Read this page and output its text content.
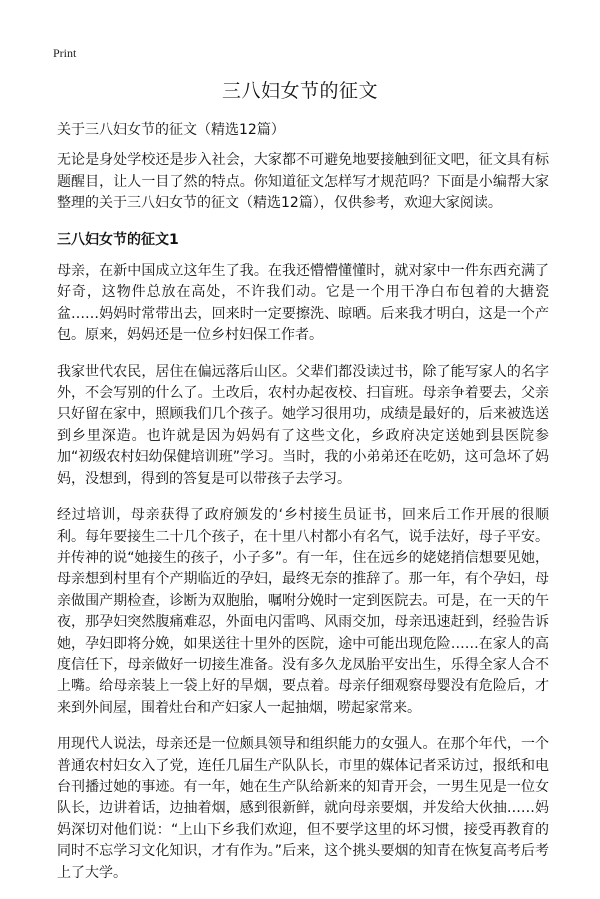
Print
三八妇女节的征文

关于三八妇女节的征文（精选12篇）

无论是身处学校还是步入社会，大家都不可避免地要接触到征文吧，征文具有标题醒目，让人一目了然的特点。你知道征文怎样写才规范吗？下面是小编帮大家整理的关于三八妇女节的征文（精选12篇），仅供参考，欢迎大家阅读。

三八妇女节的征文1

母亲，在新中国成立这年生了我。在我还懵懵懂懂时，就对家中一件东西充满了好奇，这物件总放在高处，不许我们动。它是一个用干净白布包着的大搪瓷盆……妈妈时常带出去，回来时一定要擦洗、晾晒。后来我才明白，这是一个产包。原来，妈妈还是一位乡村妇保工作者。

我家世代农民，居住在偏远落后山区。父辈们都没读过书，除了能写家人的名字外，不会写别的什么了。土改后，农村办起夜校、扫盲班。母亲争着要去，父亲只好留在家中，照顾我们几个孩子。她学习很用功，成绩是最好的，后来被选送到乡里深造。也许就是因为妈妈有了这些文化，乡政府决定送她到县医院参加“初级农村妇幼保健培训班”学习。当时，我的小弟弟还在吃奶，这可急坏了妈妈，没想到，得到的答复是可以带孩子去学习。

经过培训，母亲获得了政府颁发的‘乡村接生员证书，回来后工作开展的很顺利。每年要接生二十几个孩子，在十里八村都小有名气，说手法好，母子平安。并传神的说“她接生的孩子，小子多”。有一年，住在远乡的姥姥捎信想要见她，母亲想到村里有个产期临近的孕妇，最终无奈的推辞了。那一年，有个孕妇，母亲做围产期检查，诊断为双胞胎，嘱咐分娩时一定到医院去。可是，在一天的午夜，那孕妇突然腹痛难忍，外面电闪雷鸣、风雨交加，母亲迅速赶到，经验告诉她，孕妇即将分娩，如果送往十里外的医院，途中可能出现危险……在家人的高度信任下，母亲做好一切接生准备。没有多久龙凤胎平安出生，乐得全家人合不上嘴。给母亲装上一袋上好的旱烟，要点着。母亲仔细观察母婴没有危险后，才来到外间屋，围着灶台和产妇家人一起抽烟，唠起家常来。

用现代人说法，母亲还是一位颇具领导和组织能力的女强人。在那个年代，一个普通农村妇女入了党，连任几届生产队队长，市里的媒体记者采访过，报纸和电台刊播过她的事迹。有一年，她在生产队给新来的知青开会，一男生见是一位女队长，边讲着话，边抽着烟，感到很新鲜，就向母亲要烟，并发给大伙抽……妈妈深切对他们说：“上山下乡我们欢迎，但不要学这里的坏习惯，接受再教育的同时不忘学习文化知识，才有作为。”后来，这个挑头要烟的知青在恢复高考后考上了大学。
